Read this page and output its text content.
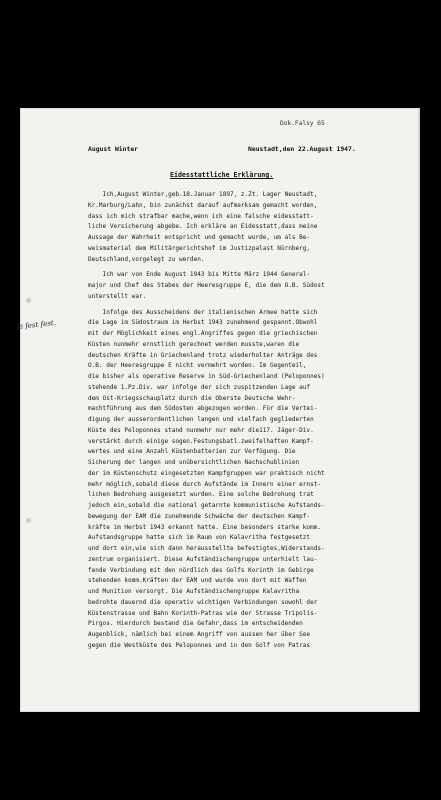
Dok.Falsy 65
August Winter	Neustadt,den 22.August 1947.
Eidesstattliche Erklärung.
Ja fest fest.
Ich,August Winter,geb.18.Januar 1897, z.Zt. Lager Neustadt,
Kr.Marburg/Lahn, bin zunächst darauf aufmerksam gemacht worden,
dass ich mich strafbar mache,wenn ich eine falsche eidesstatt-
liche Versicherung abgebe. Ich erkläre an Eidesstatt,dass meine
Aussage der Wahrheit entspricht und gemacht wurde, um als Be-
weismaterial dem Militärgerichtshof im Justizpalast Nürnberg,
Deutschland,vorgelegt zu werden.
Ich war von Ende August 1943 bis Mitte März 1944 General-
major und Chef des Stabes der Heeresgruppe E, die dem O.B. Südost
unterstellt war.
Infolge des Ausscheidens der italienischen Armee hatte sich
die Lage im Südostraum im Herbst 1943 zunehmend gespannt.Obwohl
mit der Möglichkeit eines engl.Angriffes gegen die griechischen
Küsten nunmehr ernstlich gerechnet werden musste,waren die
deutschen Kräfte in Griechenland trotz wiederholter Anträge des
O.B. der Heeresgruppe E nicht vermehrt worden. Im Gegenteil,
die bisher als operative Reserve in Süd-Griechenland (Peloponnes)
stehende 1.Pz.Div. war infolge der sich zuspitzenden Lage auf
dem Ost-Kriegsschauplatz durch die Oberste Deutsche Wehr-
machtführung aus dem Südosten abgezogen worden. Für die Vertei-
digung der ausserordentlichen langen und vielfach gegliederten
Küste des Peloponnes stand nunmehr nur mehr die117. Jäger-Div.
verstärkt durch einige sogen.Festungsbatl.zweifelhaften Kampf-
wertes und eine Anzahl Küstenbatterien zur Verfügung. Die
Sicherung der langen und unübersichtlichen Nachschublinien
der im Küstenschutz eingesetzten Kampfgruppen war praktisch nicht
mehr möglich,sobald diese durch Aufstände im Innern einer ernst-
lichen Bedrohung ausgesetzt wurden. Eine solche Bedrohung trat
jedoch ein,sobald die national getarnte kommunistische Aufstands-
bewegung der EAM die zunehmende Schwäche der deutschen Kampf-
kräfte im Herbst 1943 erkannt hatte. Eine besonders starke komm.
Aufstandsgruppe hatte sich im Raum von Kalavritha festgesetzt
und dort ein,wie sich dann herausstellte befestigtes,Widerstands-
zentrum organisiert. Diese Aufständischengruppe unterhielt lau-
fende Verbindung mit den nördlich des Golfs Korinth im Gebirge
stehenden komm.Kräften der EAM und wurde von dort mit Waffen
und Munition versorgt. Die Aufständischengruppe Kalavritha
bedrohte dauernd die operativ wichtigen Verbindungen sowohl der
Küstenstrasse und Bahn Korinth-Patras wie der Strasse Tripolis-
Pirgos. Hierdurch bestand die Gefahr,dass im entscheidenden
Augenblick, nämlich bei einem Angriff von aussen her über See
gegen die Westküste des Peloponnes und in den Golf von Patras
